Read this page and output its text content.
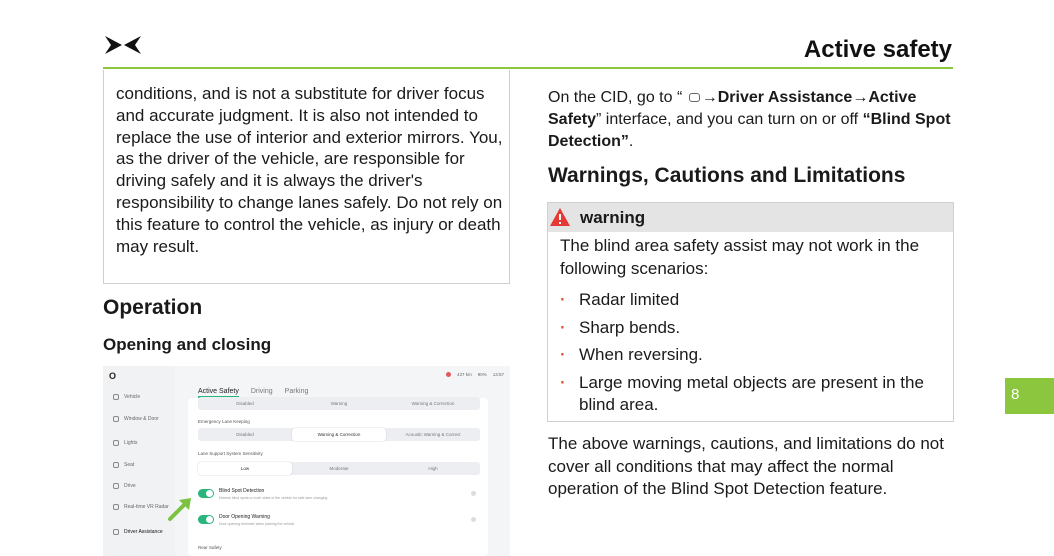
Active safety

conditions, and is not a substitute for driver focus and accurate judgment. It is also not intended to replace the use of interior and exterior mirrors. You, as the driver of the vehicle, are responsible for driving safely and it is always the driver's responsibility to change lanes safely. Do not rely on this feature to control the vehicle, as injury or death may result.

Operation
Opening and closing
O
Vehicle
Window & Door
Lights
Seat
Drive
Real-time VR Radar
Driver Assistance
437 km 90% 13:57
Active Safety Driving Parking
Disabled	Warning	Warning & Correction
Emergency Lane Keeping
Disabled	Warning & Correction	Acoustic Warning & Correct
Lane Support System Sensitivity
Low	Moderate	High
Blind Spot Detection
Detects blind spots on both sides of the vehicle for safe lane changing
Door Opening Warning
Door opening reminder when parking the vehicle
Rear Safety
On the CID, go to “ →Driver Assistance→Active Safety” interface, and you can turn on or off “Blind Spot Detection”.
Warnings, Cautions and Limitations
warning
The blind area safety assist may not work in the following scenarios:
· Radar limited
· Sharp bends.
· When reversing.
· Large moving metal objects are present in the blind area.
The above warnings, cautions, and limitations do not cover all conditions that may affect the normal operation of the Blind Spot Detection feature.
8
